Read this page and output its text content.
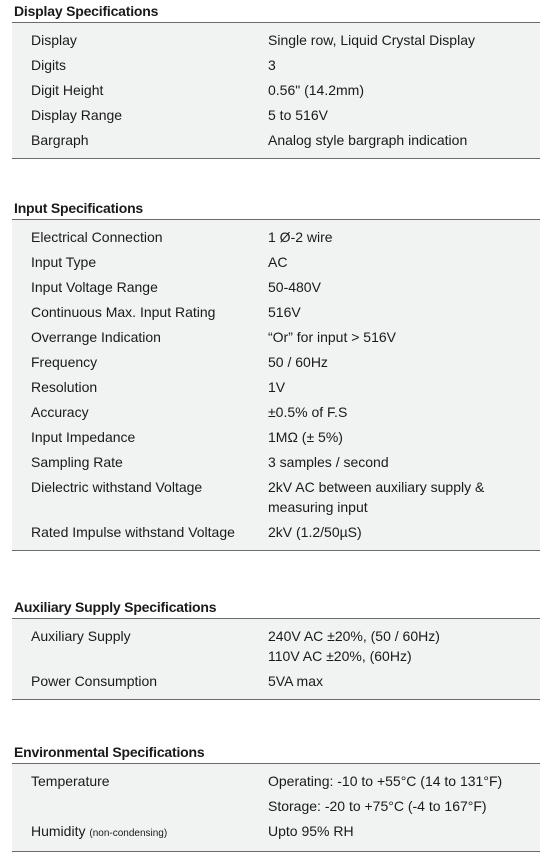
Display Specifications
Display	Single row, Liquid Crystal Display
Digits	3
Digit Height	0.56" (14.2mm)
Display Range	5 to 516V
Bargraph	Analog style bargraph indication
Input Specifications
Electrical Connection	1 Ø-2 wire
Input Type	AC
Input Voltage Range	50-480V
Continuous Max. Input Rating	516V
Overrange Indication	“Or” for input > 516V
Frequency	50 / 60Hz
Resolution	1V
Accuracy	±0.5% of F.S
Input Impedance	1MΩ (± 5%)
Sampling Rate	3 samples / second
Dielectric withstand Voltage	2kV AC between auxiliary supply &
measuring input
Rated Impulse withstand Voltage	2kV (1.2/50µS)
Auxiliary Supply Specifications
Auxiliary Supply	240V AC ±20%, (50 / 60Hz)
110V AC ±20%, (60Hz)
Power Consumption	5VA max
Environmental Specifications
Temperature	Operating: -10 to +55°C (14 to 131°F)
Storage: -20 to +75°C (-4 to 167°F)
Humidity (non-condensing)	Upto 95% RH
